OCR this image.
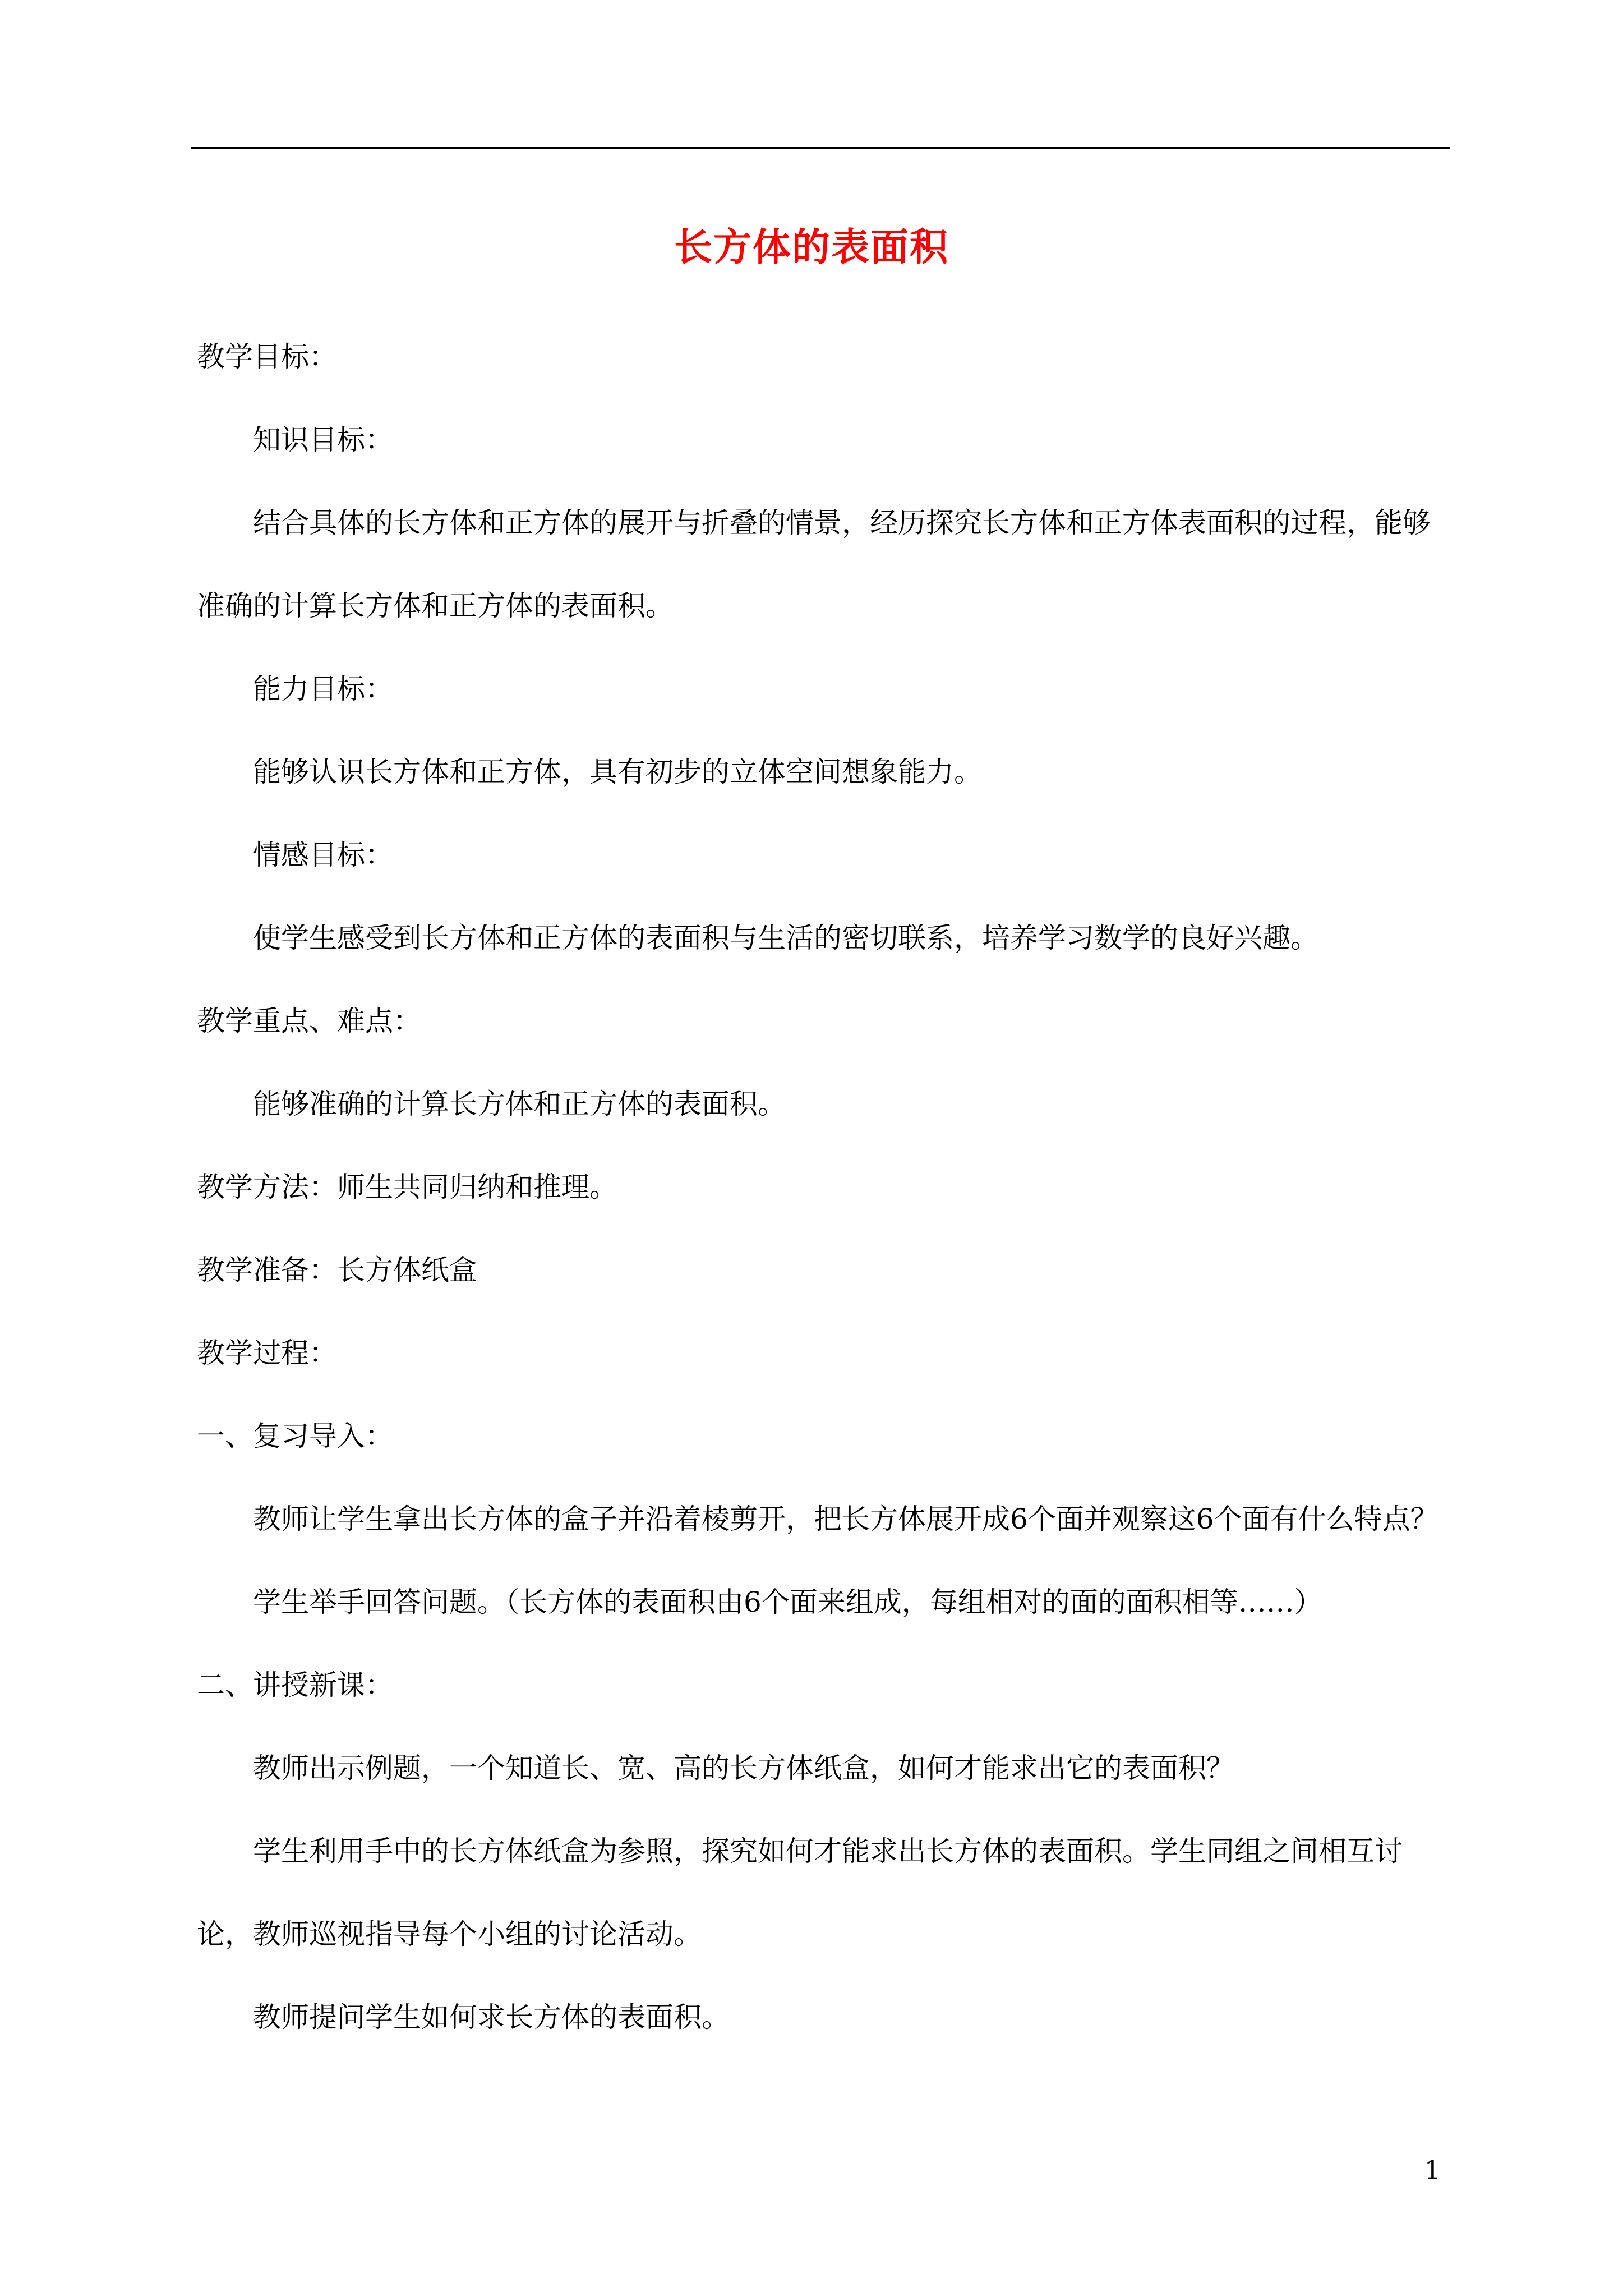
长方体的表面积

教学目标：

知识目标：

结合具体的长方体和正方体的展开与折叠的情景，经历探究长方体和正方体表面积的过程，能够准确的计算长方体和正方体的表面积。

能力目标：

能够认识长方体和正方体，具有初步的立体空间想象能力。

情感目标：

使学生感受到长方体和正方体的表面积与生活的密切联系，培养学习数学的良好兴趣。

教学重点、难点：

能够准确的计算长方体和正方体的表面积。

教学方法：师生共同归纳和推理。

教学准备：长方体纸盒

教学过程：

一、复习导入：

教师让学生拿出长方体的盒子并沿着棱剪开，把长方体展开成6个面并观察这6个面有什么特点？

学生举手回答问题。（长方体的表面积由6个面来组成，每组相对的面的面积相等……）

二、讲授新课：

教师出示例题，一个知道长、宽、高的长方体纸盒，如何才能求出它的表面积？

学生利用手中的长方体纸盒为参照，探究如何才能求出长方体的表面积。学生同组之间相互讨论，教师巡视指导每个小组的讨论活动。

教师提问学生如何求长方体的表面积。

1
